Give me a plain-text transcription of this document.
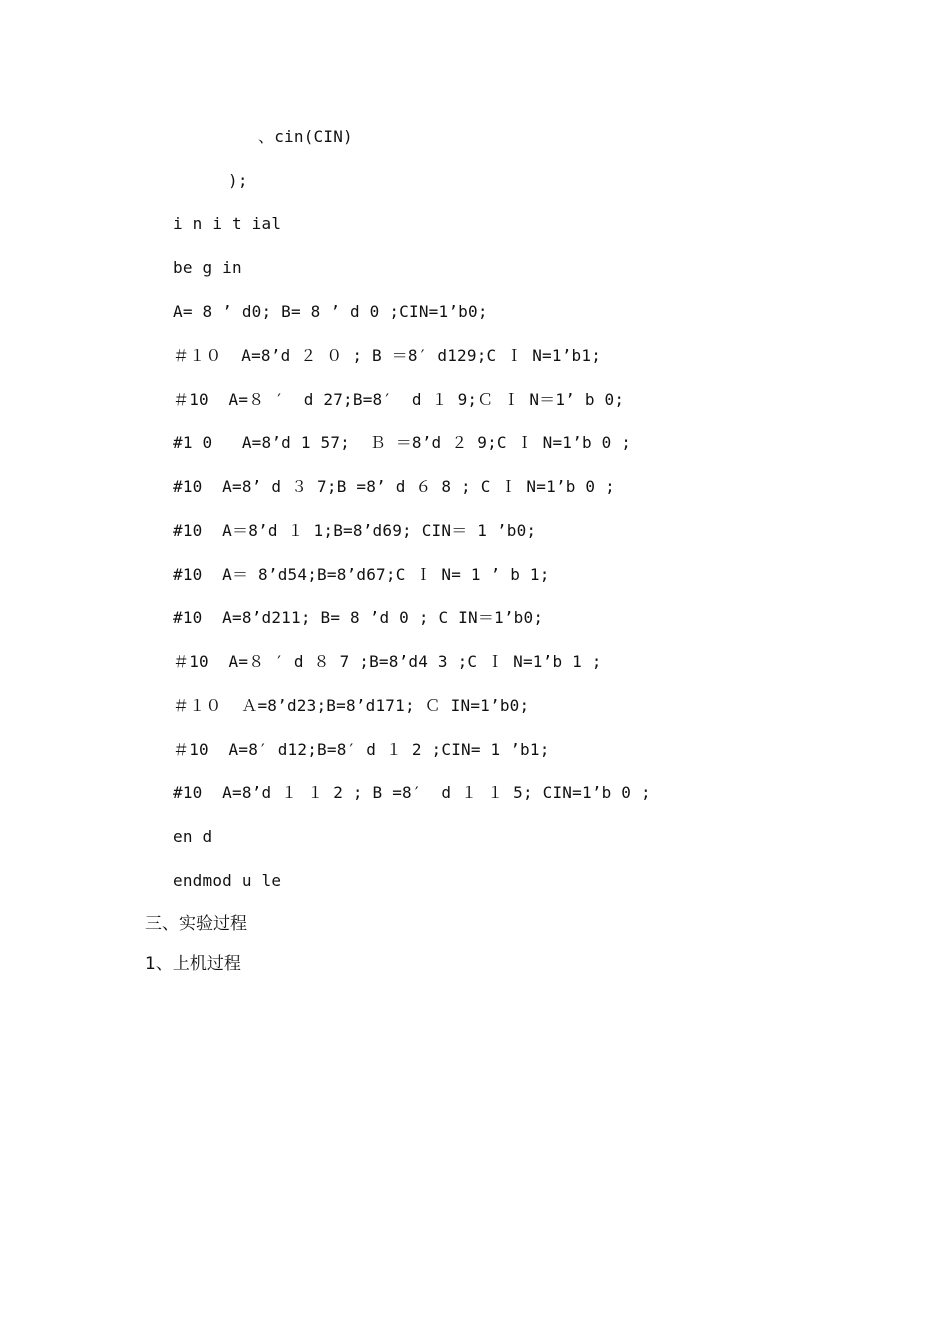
、cin(CIN)
);
i n i t ial
be g in
A= 8 ’ d0; B= 8 ’ d 0 ;CIN=1’b0;
＃１０  A=8’d ２ ０ ; B ＝8′ d129;C Ｉ N=1’b1;
＃10  A=８ ′  d 27;B=8′  d １ 9;Ｃ Ｉ N＝1’ b 0;
#1 0   A=8’d 1 57;  Ｂ ＝8’d ２ 9;C Ｉ N=1’b 0 ;
#10  A=8’ d ３ 7;B =8’ d ６ 8 ; C Ｉ N=1’b 0 ;
#10  A＝8’d １ 1;B=8’d69; CIN＝ 1 ’b0;
#10  A＝ 8’d54;B=8’d67;C Ｉ N= 1 ’ b 1;
#10  A=8’d211; B= 8 ’d 0 ; C IN＝1’b0;
＃10  A=８ ′ d ８ 7 ;B=8’d4 3 ;C Ｉ N=1’b 1 ;
＃１０  Ａ=8’d23;B=8’d171; Ｃ IN=1’b0;
＃10  A=8′ d12;B=8′ d １ 2 ;CIN= 1 ’b1;
#10  A=8’d １ １ 2 ; B =8′  d １ １ 5; CIN=1’b 0 ;
en d
endmod u le
三、实验过程
1、上机过程
